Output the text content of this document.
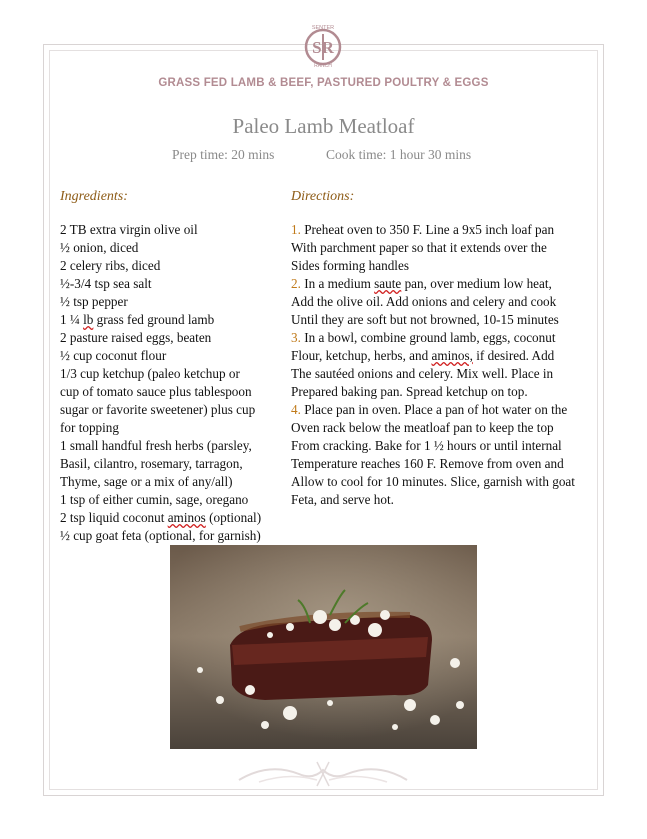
SR
SENTER
RANCH
GRASS FED LAMB & BEEF, PASTURED POULTRY & EGGS
Paleo Lamb Meatloaf
Prep time: 20 mins	Cook time: 1 hour 30 mins
Ingredients:	Directions:
2 TB extra virgin olive oil
½ onion, diced
2 celery ribs, diced
½-3/4 tsp sea salt
½ tsp pepper
1 ¼ lb grass fed ground lamb
2 pasture raised eggs, beaten
½ cup coconut flour
1/3 cup ketchup (paleo ketchup or
cup of tomato sauce plus tablespoon
sugar or favorite sweetener) plus cup
for topping
1 small handful fresh herbs (parsley,
Basil, cilantro, rosemary, tarragon,
Thyme, sage or a mix of any/all)
1 tsp of either cumin, sage, oregano
2 tsp liquid coconut aminos (optional)
½ cup goat feta (optional, for garnish)
1. Preheat oven to 350 F. Line a 9x5 inch loaf pan
With parchment paper so that it extends over the
Sides forming handles
2. In a medium saute pan, over medium low heat,
Add the olive oil. Add onions and celery and cook
Until they are soft but not browned, 10-15 minutes
3. In a bowl, combine ground lamb, eggs, coconut
Flour, ketchup, herbs, and aminos, if desired. Add
The sautéed onions and celery. Mix well. Place in
Prepared baking pan. Spread ketchup on top.
4. Place pan in oven. Place a pan of hot water on the
Oven rack below the meatloaf pan to keep the top
From cracking. Bake for 1 ½ hours or until internal
Temperature reaches 160 F. Remove from oven and
Allow to cool for 10 minutes. Slice, garnish with goat
Feta, and serve hot.
